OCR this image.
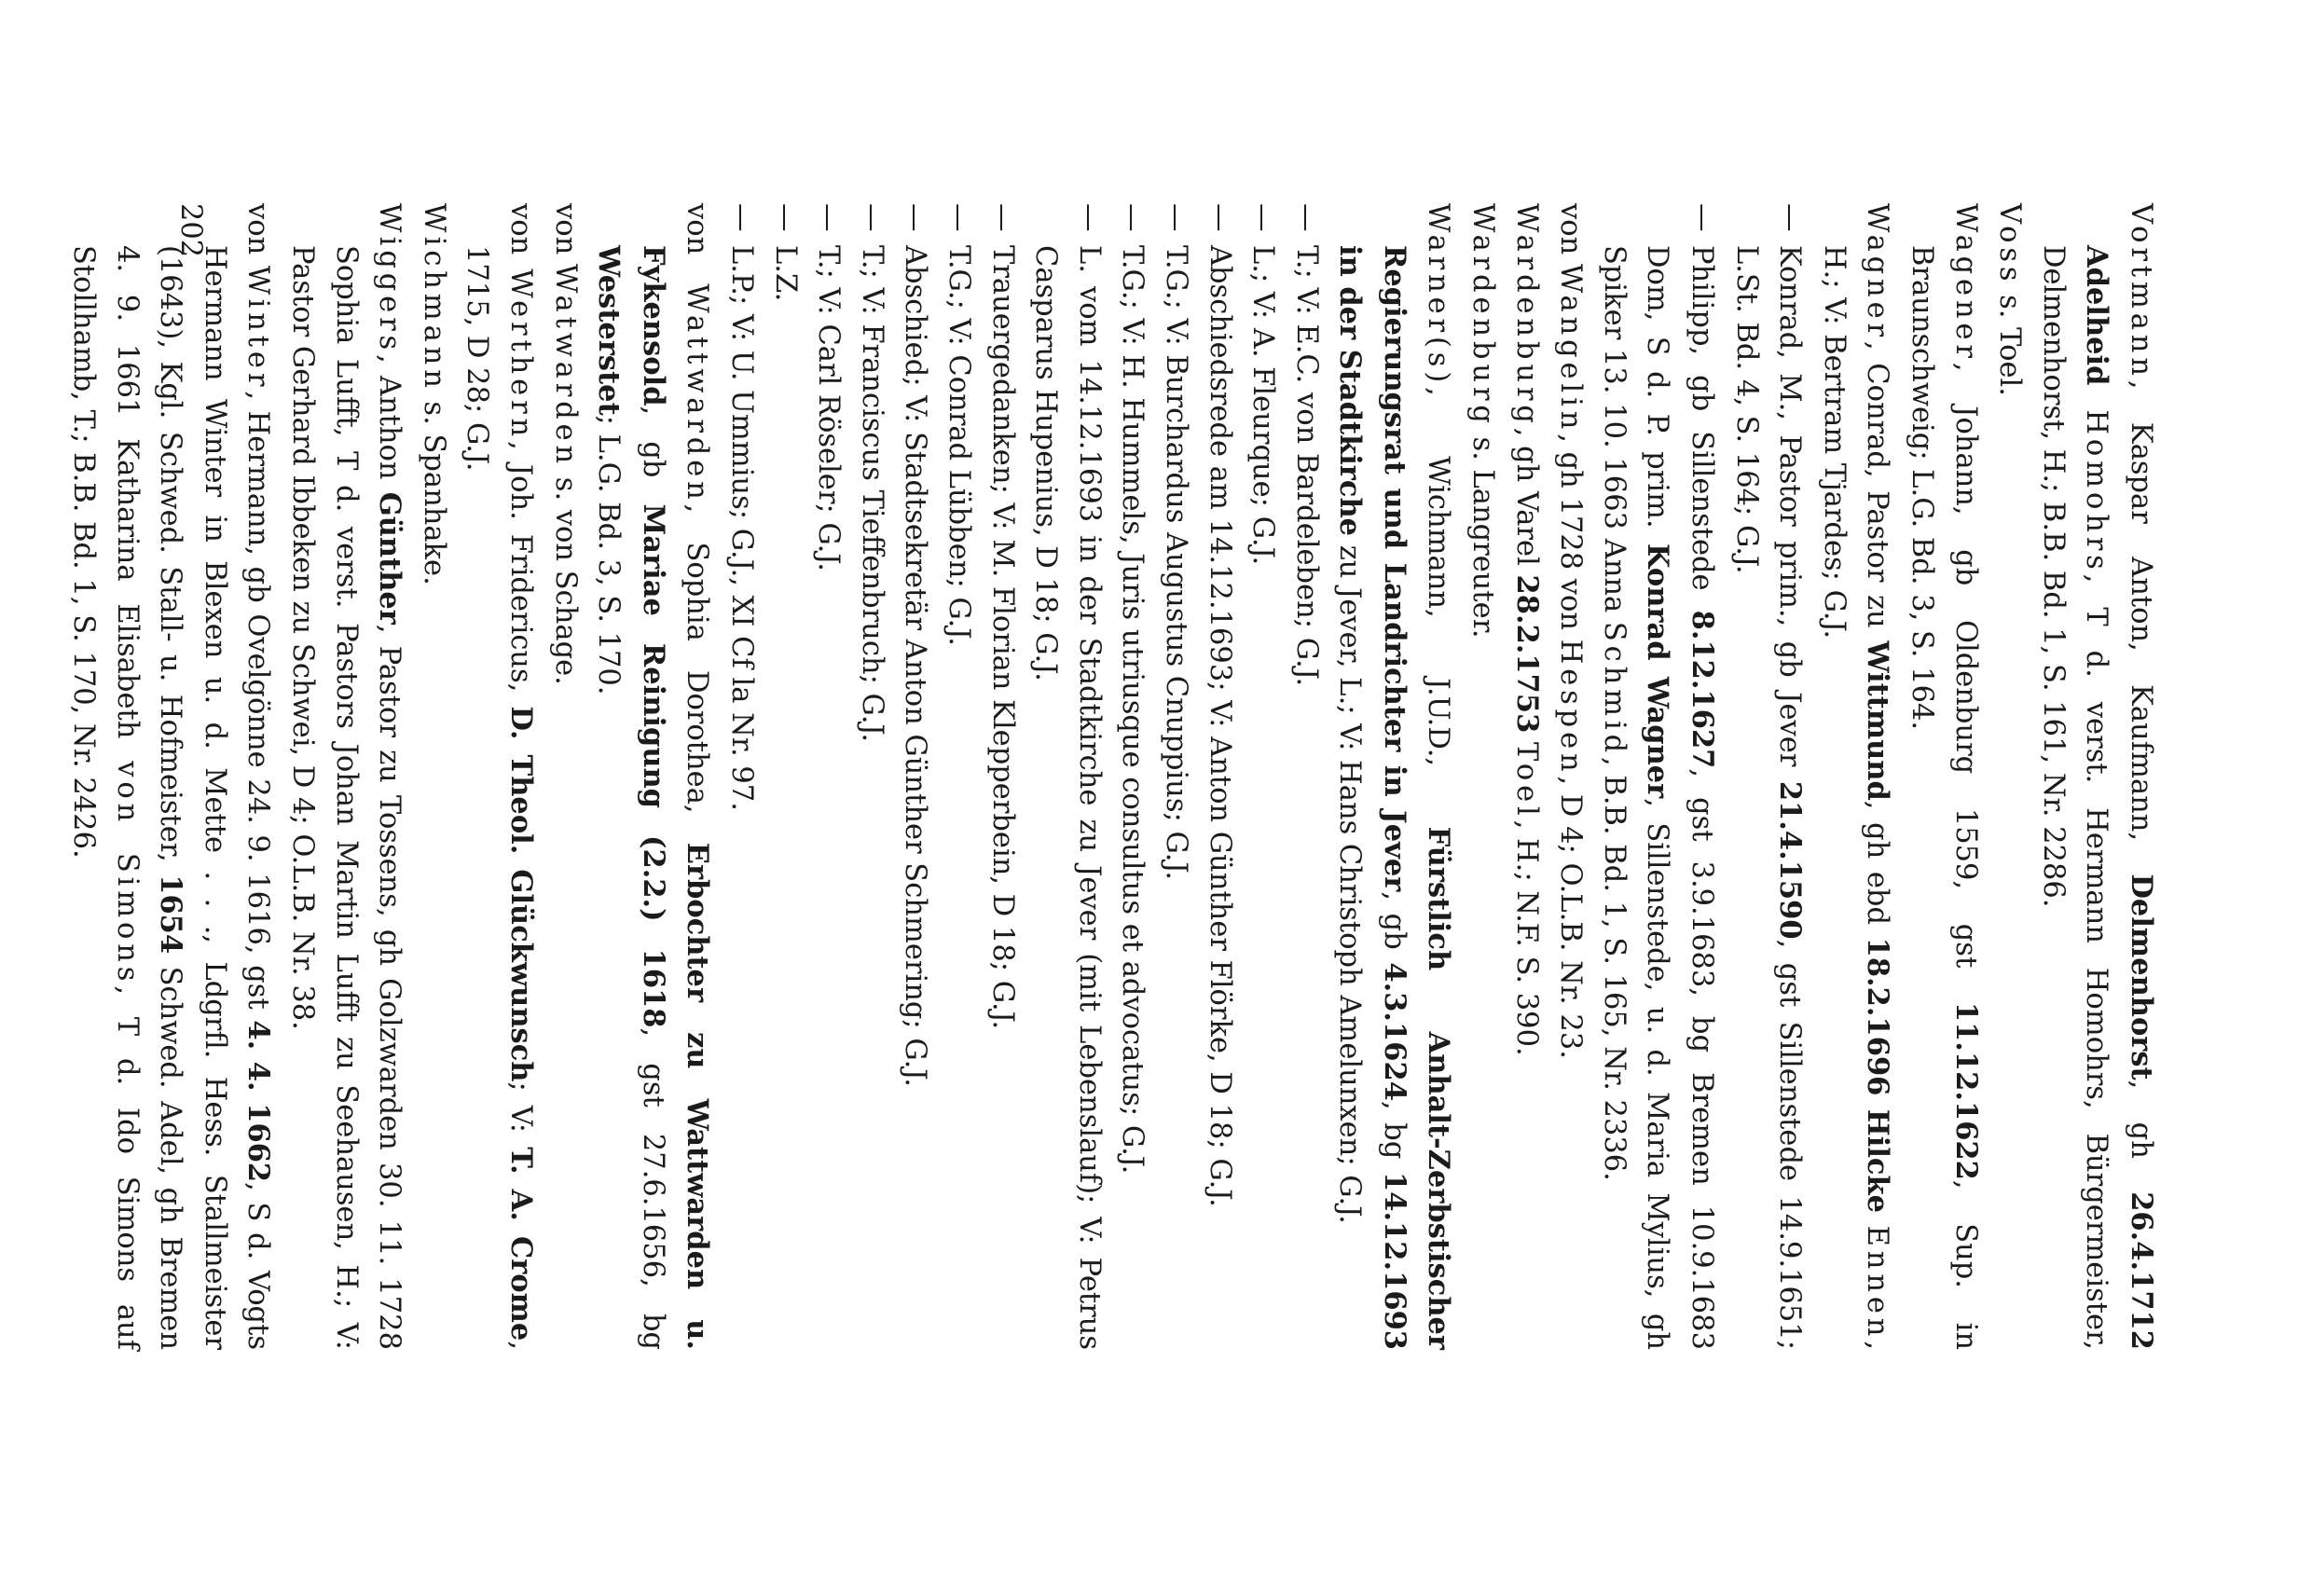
Vortmann, Kaspar Anton, Kaufmann, Delmenhorst, gh 26.4.1712 Adelheid Homohrs, T d. verst. Hermann Homohrs, Bürgermeister, Delmenhorst, H.; B.B. Bd. 1, S. 161, Nr. 2286.

Voss s. Toel.

Wagener, Johann, gb Oldenburg 1559, gst 11.12.1622, Sup. in Braunschweig; L.G. Bd. 3, S. 164.

Wagner, Conrad, Pastor zu Wittmund, gh ebd 18.2.1696 Hilcke Ennen, H.; V: Bertram Tjardes; G.J.

—
Konrad, M., Pastor prim., gb Jever 21.4.1590, gst Sillenstede 14.9.1651; L.St. Bd. 4, S. 164; G.J.

—
Philipp, gb Sillenstede 8.12.1627, gst 3.9.1683, bg Bremen 10.9.1683 Dom, S d. P. prim. Konrad Wagner, Sillenstede, u. d. Maria Mylius, gh Spiker 13. 10. 1663 Anna Schmid, B.B. Bd. 1, S. 165, Nr. 2336.

von Wangelin, gh 1728 von Hespen, D 4; O.L.B. Nr. 23.

Wardenburg, gh Varel 28.2.1753 Toel, H.; N.F. S. 390.

Wardenburg s. Langreuter.

Warner(s), Wichmann, J.U.D., Fürstlich Anhalt-Zerbstischer Regierungsrat und Landrichter in Jever, gb 4.3.1624, bg 14.12.1693 in der Stadtkirche zu Jever, L.; V: Hans Christoph Amelunxen; G.J.

—
T.; V: E.C. von Bardeleben; G.J.

—
L.; V: A. Fleurque; G.J.

—
Abschiedsrede am 14.12.1693; V: Anton Günther Flörke, D 18; G.J.

—
T.G.; V: Burchardus Augustus Cnuppius; G.J.

—
T.G.; V: H. Hummels, Juris utriusque consultus et advocatus; G.J.

—
L. vom 14.12.1693 in der Stadtkirche zu Jever (mit Lebenslauf); V: Petrus Casparus Hupenius, D 18; G.J.

—
Trauergedanken; V: M. Florian Klepperbein, D 18; G.J.

—
T.G.; V: Conrad Lübben; G.J.

—
Abschied; V: Stadtsekretär Anton Günther Schmering; G.J.

—
T.; V: Franciscus Tieffenbruch; G.J.

—
T.; V: Carl Röseler; G.J.

—
L.Z.

—
L.P.; V: U. Ummius; G.J., XI Cf la Nr. 97.

von Wattwarden, Sophia Dorothea, Erbochter zu Wattwarden u. Fykensold, gb Mariae Reinigung (2.2.) 1618, gst 27.6.1656, bg Westerstet; L.G. Bd. 3, S. 170.

von Watwarden s. von Schage.

von Werthern, Joh. Fridericus, D. Theol. Glückwunsch; V: T. A. Crome, 1715, D 28; G.J.

Wichmann s. Spanhake.

Wiggers, Anthon Günther, Pastor zu Tossens, gh Golzwarden 30. 11. 1728 Sophia Lufft, T d. verst. Pastors Johan Martin Lufft zu Seehausen, H.; V: Pastor Gerhard Ibbeken zu Schwei, D 4; O.L.B. Nr. 38.

von Winter, Hermann, gb Ovelgönne 24. 9. 1616, gst 4. 4. 1662, S d. Vogts Hermann Winter in Blexen u. d. Mette . . ., Ldgrfl. Hess. Stallmeister (1643), Kgl. Schwed. Stall- u. Hofmeister, 1654 Schwed. Adel, gh Bremen 4. 9. 1661 Katharina Elisabeth von Simons, T d. Ido Simons auf Stollhamb, T.; B.B. Bd. 1, S. 170, Nr. 2426.

202
